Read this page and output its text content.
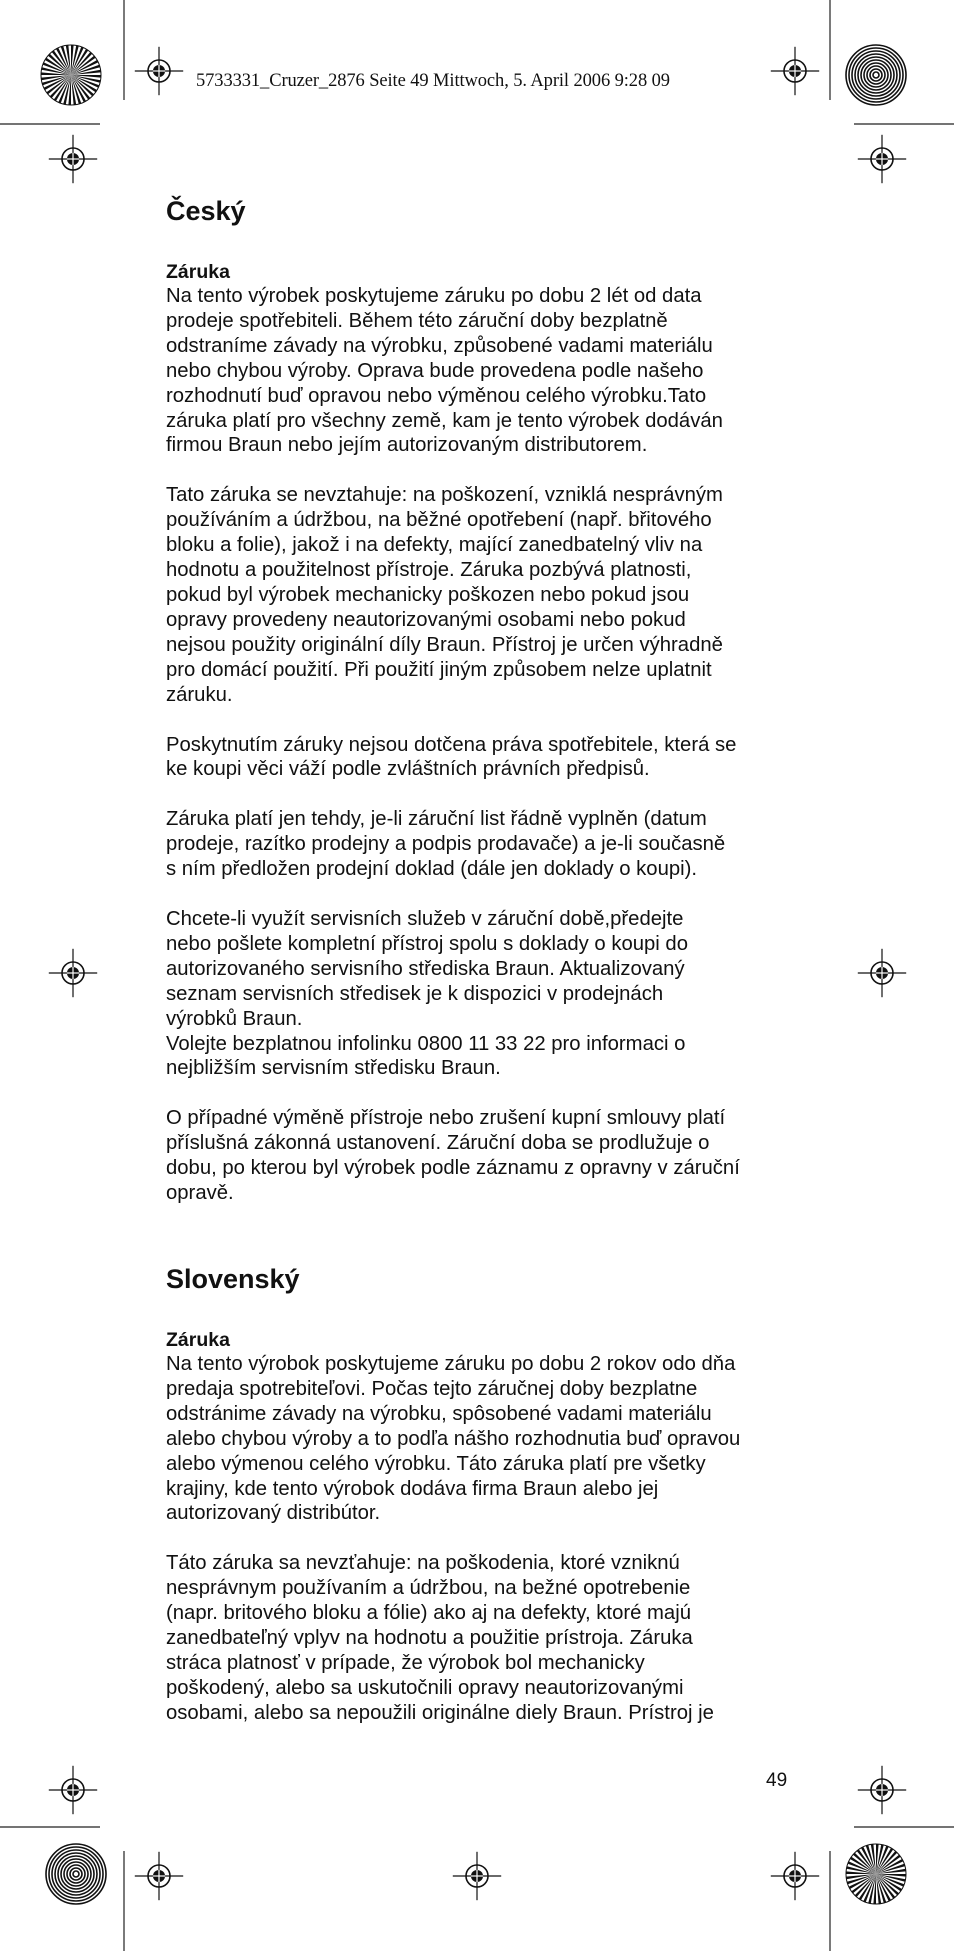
5733331_Cruzer_2876 Seite 49 Mittwoch, 5. April 2006 9:28 09
Český
Záruka

Na tento výrobek poskytujeme záruku po dobu 2 lét od data
prodeje spotřebiteli. Během této záruční doby bezplatně
odstraníme závady na výrobku, způsobené vadami materiálu
nebo chybou výroby. Oprava bude provedena podle našeho
rozhodnutí buď opravou nebo výměnou celého výrobku.Tato
záruka platí pro všechny země, kam je tento výrobek dodáván
firmou Braun nebo jejím autorizovaným distributorem.

Tato záruka se nevztahuje: na poškození, vzniklá nesprávným
používáním a údržbou, na běžné opotřebení (např. břitového
bloku a folie), jakož i na defekty, mající zanedbatelný vliv na
hodnotu a použitelnost přístroje. Záruka pozbývá platnosti,
pokud byl výrobek mechanicky poškozen nebo pokud jsou
opravy provedeny neautorizovanými osobami nebo pokud
nejsou použity originální díly Braun. Přístroj je určen výhradně
pro domácí použití. Při použití jiným způsobem nelze uplatnit
záruku.

Poskytnutím záruky nejsou dotčena práva spotřebitele, která se
ke koupi věci váží podle zvláštních právních předpisů.

Záruka platí jen tehdy, je-li záruční list řádně vyplněn (datum
prodeje, razítko prodejny a podpis prodavače) a je-li současně
s ním předložen prodejní doklad (dále jen doklady o koupi).

Chcete-li využít servisních služeb v záruční době,předejte
nebo pošlete kompletní přístroj spolu s doklady o koupi do
autorizovaného servisního střediska Braun. Aktualizovaný
seznam servisních středisek je k dispozici v prodejnách
výrobků Braun.
Volejte bezplatnou infolinku 0800 11 33 22 pro informaci o
nejbližším servisním středisku Braun.

O případné výměně přístroje nebo zrušení kupní smlouvy platí
příslušná zákonná ustanovení. Záruční doba se prodlužuje o
dobu, po kterou byl výrobek podle záznamu z opravny v záruční
opravě.

Slovenský
Záruka

Na tento výrobok poskytujeme záruku po dobu 2 rokov odo dňa
predaja spotrebiteľovi. Počas tejto záručnej doby bezplatne
odstránime závady na výrobku, spôsobené vadami materiálu
alebo chybou výroby a to podľa nášho rozhodnutia buď opravou
alebo výmenou celého výrobku. Táto záruka platí pre všetky
krajiny, kde tento výrobok dodáva firma Braun alebo jej
autorizovaný distribútor.

Táto záruka sa nevzťahuje: na poškodenia, ktoré vzniknú
nesprávnym používaním a údržbou, na bežné opotrebenie
(napr. britového bloku a fólie) ako aj na defekty, ktoré majú
zanedbateľný vplyv na hodnotu a použitie prístroja. Záruka
stráca platnosť v prípade, že výrobok bol mechanicky
poškodený, alebo sa uskutočnili opravy neautorizovanými
osobami, alebo sa nepoužili originálne diely Braun. Prístroj je

49
